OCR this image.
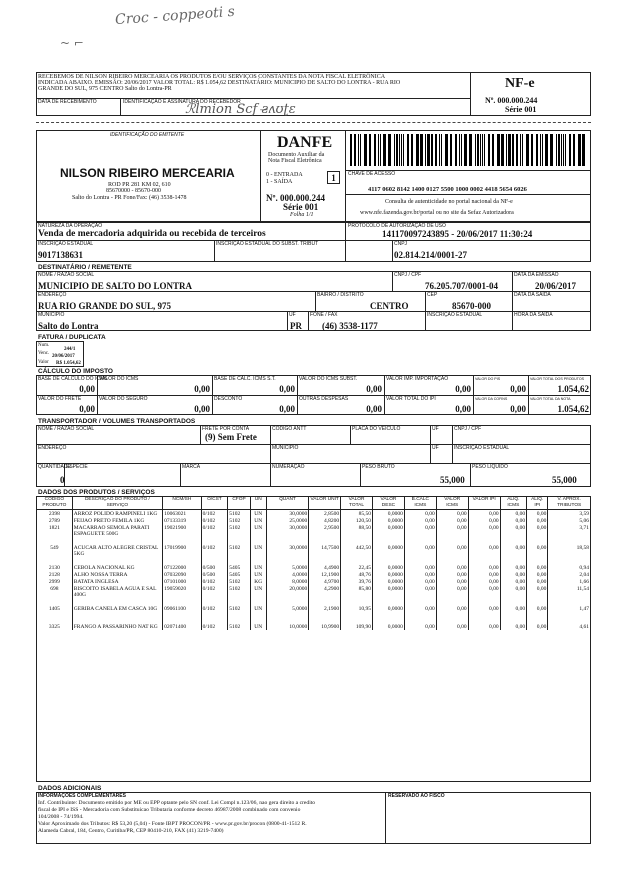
Croc - coppeoti s
~ ⌐
RECEBEMOS DE NILSON RIBEIRO MERCEARIA OS PRODUTOS E/OU SERVIÇOS CONSTANTES DA NOTA FISCAL ELETRÔNICA
INDICADA ABAIXO. EMISSÃO: 20/06/2017 VALOR TOTAL: R$ 1.054,62 DESTINATÁRIO: MUNICIPIO DE SALTO DO LONTRA - RUA RIO
GRANDE DO SUL, 975 CENTRO Salto do Lontra-PR
DATA DE RECEBIMENTO	IDENTIFICAÇÃO E ASSINATURA DO RECEBEDOR
ℛlmion Scf ƨ̶ʌʊʈɛ
NF-e
Nº. 000.000.244
Série 001
IDENTIFICAÇÃO DO EMITENTE
NILSON RIBEIRO MERCEARIA
ROD PR 281 KM 02, 610
85670000 - 85670-000
Salto do Lontra - PR Fone/Fax: (46) 3538-1478
DANFE
Documento Auxiliar da
Nota Fiscal Eletrônica
0 - ENTRADA
1 - SAÍDA	1
Nº. 000.000.244
Série 001
Folha 1/1
CHAVE DE ACESSO
4117 0602 8142 1400 0127 5500 1000 0002 4418 5654 6026
Consulta de autenticidade no portal nacional da NF-e
www.nfe.fazenda.gov.br/portal ou no site da Sefaz Autorizadora
NATUREZA DA OPERAÇÃO
Venda de mercadoria adquirida ou recebida de terceiros
PROTOCOLO DE AUTORIZAÇÃO DE USO
141170097243895 - 20/06/2017 11:30:24
INSCRIÇÃO ESTADUAL
9017138631
INSCRIÇÃO ESTADUAL DO SUBST. TRIBUT	CNPJ
02.814.214/0001-27
DESTINATÁRIO / REMETENTE
NOME / RAZÃO SOCIAL
MUNICIPIO DE SALTO DO LONTRA
CNPJ / CPF
76.205.707/0001-04
DATA DA EMISSÃO
20/06/2017
ENDEREÇO
RUA RIO GRANDE DO SUL, 975
BAIRRO / DISTRITO
CENTRO
CEP
85670-000
DATA DA SAÍDA
MUNICÍPIO
Salto do Lontra
UF
PR
FONE / FAX
(46) 3538-1177
INSCRIÇÃO ESTADUAL	HORA DA SAÍDA
FATURA / DUPLICATA
Num.
244/1
Venc.
20/06/2017
Valor R$ 1.054,62
CÁLCULO DO IMPOSTO
BASE DE CÁLCULO DO ICMS
0,00
VALOR DO ICMS
0,00
BASE DE CÁLC. ICMS S.T.
0,00
VALOR DO ICMS SUBST.
0,00
VALOR IMP. IMPORTAÇÃO
0,00
VALOR DO PIS
0,00
VALOR TOTAL DOS PRODUTOS
1.054,62
VALOR DO FRETE
0,00
VALOR DO SEGURO
0,00
DESCONTO
0,00
OUTRAS DESPESAS
0,00
VALOR TOTAL DO IPI
0,00
VALOR DA COFINS
0,00
VALOR TOTAL DA NOTA
1.054,62
TRANSPORTADOR / VOLUMES TRANSPORTADOS
NOME / RAZÃO SOCIAL	FRETE POR CONTA
(9) Sem Frete
CÓDIGO ANTT	PLACA DO VEÍCULO	UF	CNPJ / CPF
ENDEREÇO	MUNICÍPIO	UF	INSCRIÇÃO ESTADUAL
QUANTIDADE
0
ESPÉCIE	MARCA	NUMERAÇÃO	PESO BRUTO
55,000
PESO LÍQUIDO
55,000
DADOS DOS PRODUTOS / SERVIÇOS
CÓDIGO PRODUTO	DESCRIÇÃO DO PRODUTO / SERVIÇO	NCM/SH	O/CST	CFOP	UN	QUANT	VALOR UNIT	VALOR TOTAL	VALOR DESC	B.CÁLC ICMS	VALOR ICMS	VALOR IPI	ALÍQ. ICMS	ALÍQ. IPI	V. APROX. TRIBUTOS
2398	ARROZ POLIDO RAMPINELI 1KG	10063021	0/102	5102	UN	30,0000	2,8500	85,50	0,0000	0,00	0,00	0,00	0,00	0,00	3,59
2789	FEIJAO PRETO FEMILA 1KG	07133319	0/102	5102	UN	25,0000	4,8200	120,50	0,0000	0,00	0,00	0,00	0,00	0,00	5,06
1821	MACARRAO SEMOLA PARATI ESPAGUETE 500G	19021900	0/102	5102	UN	30,0000	2,9500	88,50	0,0000	0,00	0,00	0,00	0,00	0,00	3,71
549	ACUCAR ALTO ALEGRE CRISTAL 5KG	17019900	0/102	5102	UN	30,0000	14,7500	442,50	0,0000	0,00	0,00	0,00	0,00	0,00	18,58
2130	CEBOLA NACIONAL KG	07122000	0/500	5405	UN	5,0000	4,4900	22,45	0,0000	0,00	0,00	0,00	0,00	0,00	0,94
2128	ALHO NOSSA TERRA	07032090	0/500	5405	UN	4,0000	12,1900	48,76	0,0000	0,00	0,00	0,00	0,00	0,00	2,04
2999	BATATA INGLESA	07101000	0/102	5102	KG	8,0000	4,9700	39,76	0,0000	0,00	0,00	0,00	0,00	0,00	1,66
698	BISCOITO ISABELA AGUA E SAL 400G	19059020	0/102	5102	UN	20,0000	4,2900	85,80	0,0000	0,00	0,00	0,00	0,00	0,00	11,54
1405	GERIBA CANELA EM CASCA 10G	09061100	0/102	5102	UN	5,0000	2,1900	10,95	0,0000	0,00	0,00	0,00	0,00	0,00	1,47
3325	FRANGO A PASSARINHO NAT KG	02071400	0/102	5102	UN	10,0000	10,9900	109,90	0,0000	0,00	0,00	0,00	0,00	0,00	4,61
DADOS ADICIONAIS
INFORMAÇÕES COMPLEMENTARES	RESERVADO AO FISCO
Inf. Contribuinte: Documento emitido por ME ou EPP optante pelo SN conf. Lei Compl n.123/06, nao gera direito a credito
fiscal de IPI e ISS - Mercadoria com Substituicao Tributaria conforme decreto 46987/2008 combinado com convenio
104/2008 - 74/1994.
Valor Aproximado dos Tributos: R$ 53,20 (5,04) - Fonte IBPT PROCON/PR - www.pr.gov.br/procon (0800-41-1512 R.
Alameda Cabral, 184, Centro, Curitiba/PR, CEP 80410-210, FAX (41) 3219-7400)
